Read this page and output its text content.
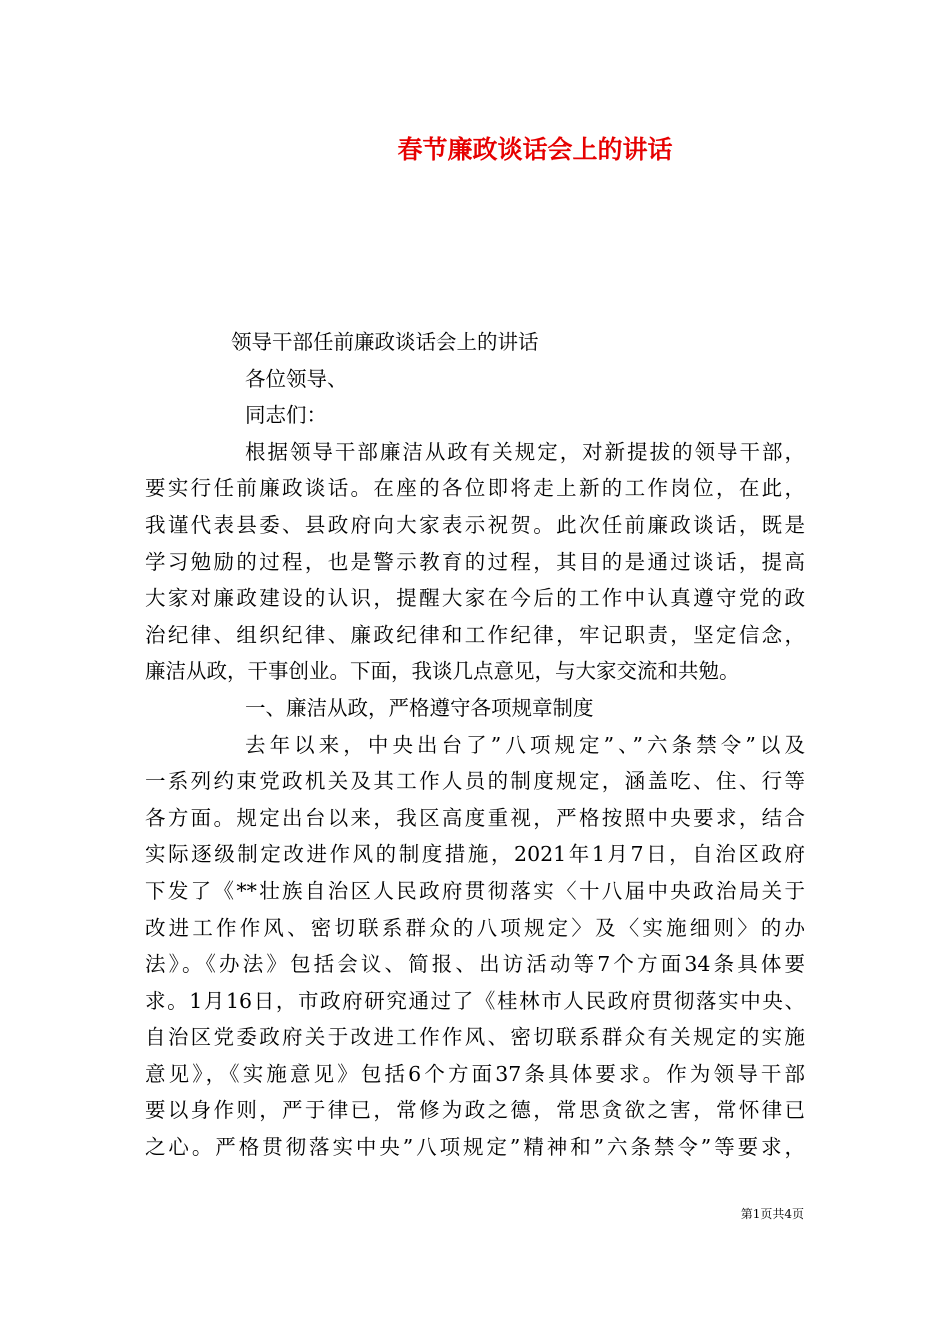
春节廉政谈话会上的讲话
领导干部任前廉政谈话会上的讲话
各位领导、
同志们：
根据领导干部廉洁从政有关规定，对新提拔的领导干部，
要实行任前廉政谈话。在座的各位即将走上新的工作岗位，在此，
我谨代表县委、县政府向大家表示祝贺。此次任前廉政谈话，既是
学习勉励的过程，也是警示教育的过程，其目的是通过谈话，提高
大家对廉政建设的认识，提醒大家在今后的工作中认真遵守党的政
治纪律、组织纪律、廉政纪律和工作纪律，牢记职责，坚定信念，
廉洁从政，干事创业。下面，我谈几点意见，与大家交流和共勉。
一、廉洁从政，严格遵守各项规章制度
去年以来，中央出台了”八项规定”、”六条禁令”以及
一系列约束党政机关及其工作人员的制度规定，涵盖吃、住、行等
各方面。规定出台以来，我区高度重视，严格按照中央要求，结合
实际逐级制定改进作风的制度措施，2021年1月7日，自治区政府
下发了《**壮族自治区人民政府贯彻落实〈十八届中央政治局关于
改进工作作风、密切联系群众的八项规定〉及〈实施细则〉的办
法》。《办法》包括会议、简报、出访活动等7个方面34条具体要
求。1月16日，市政府研究通过了《桂林市人民政府贯彻落实中央、
自治区党委政府关于改进工作作风、密切联系群众有关规定的实施
意见》，《实施意见》包括6个方面37条具体要求。作为领导干部
要以身作则，严于律已，常修为政之德，常思贪欲之害，常怀律已
之心。严格贯彻落实中央”八项规定”精神和”六条禁令”等要求，
第1页共4页
